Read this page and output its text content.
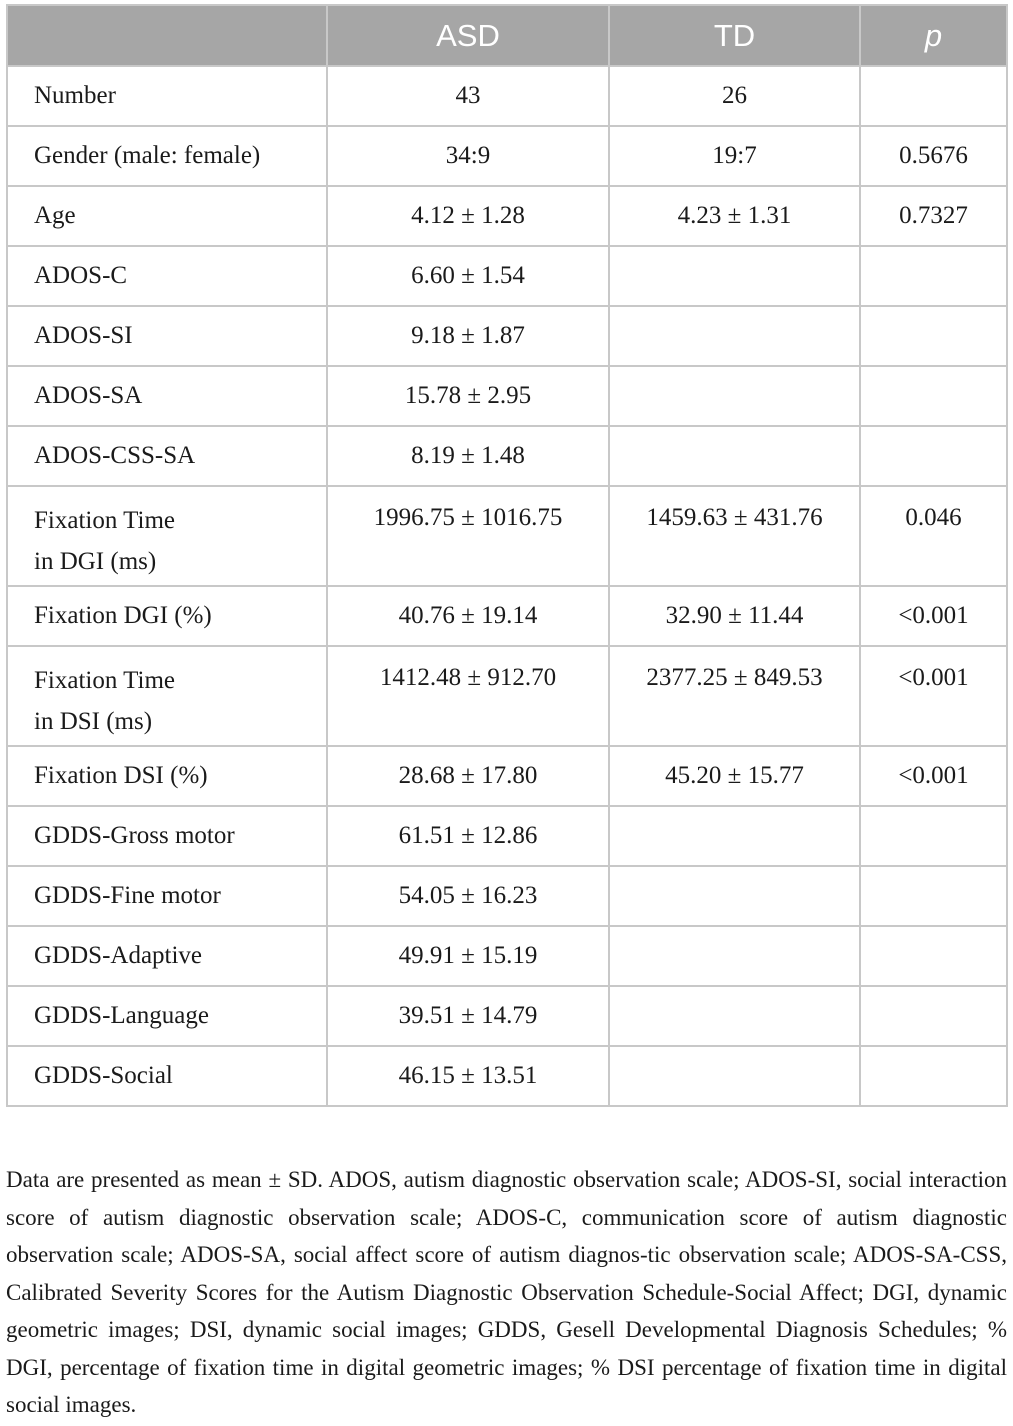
	ASD	TD	p

Number	43	26	

Gender (male: female)	34:9	19:7	0.5676

Age	4.12 ± 1.28	4.23 ± 1.31	0.7327

ADOS-C	6.60 ± 1.54		

ADOS-SI	9.18 ± 1.87		

ADOS-SA	15.78 ± 2.95		

ADOS-CSS-SA	8.19 ± 1.48		

Fixation Time
in DGI (ms)	1996.75 ± 1016.75	1459.63 ± 431.76	0.046

Fixation DGI (%)	40.76 ± 19.14	32.90 ± 11.44	<0.001

Fixation Time
in DSI (ms)	1412.48 ± 912.70	2377.25 ± 849.53	<0.001

Fixation DSI (%)	28.68 ± 17.80	45.20 ± 15.77	<0.001

GDDS-Gross motor	61.51 ± 12.86		

GDDS-Fine motor	54.05 ± 16.23		

GDDS-Adaptive	49.91 ± 15.19		

GDDS-Language	39.51 ± 14.79		

GDDS-Social	46.15 ± 13.51		

Data are presented as mean ± SD. ADOS, autism diagnostic observation scale; ADOS-SI, social interaction score of autism diagnostic observation scale; ADOS-C, communication score of autism diagnostic observation scale; ADOS-SA, social affect score of autism diagnos-tic observation scale; ADOS-SA-CSS, Calibrated Severity Scores for the Autism Diagnostic Observation Schedule-Social Affect; DGI, dynamic geometric images; DSI, dynamic social images; GDDS, Gesell Developmental Diagnosis Schedules; % DGI, percentage of fixation time in digital geometric images; % DSI percentage of fixation time in digital social images.
